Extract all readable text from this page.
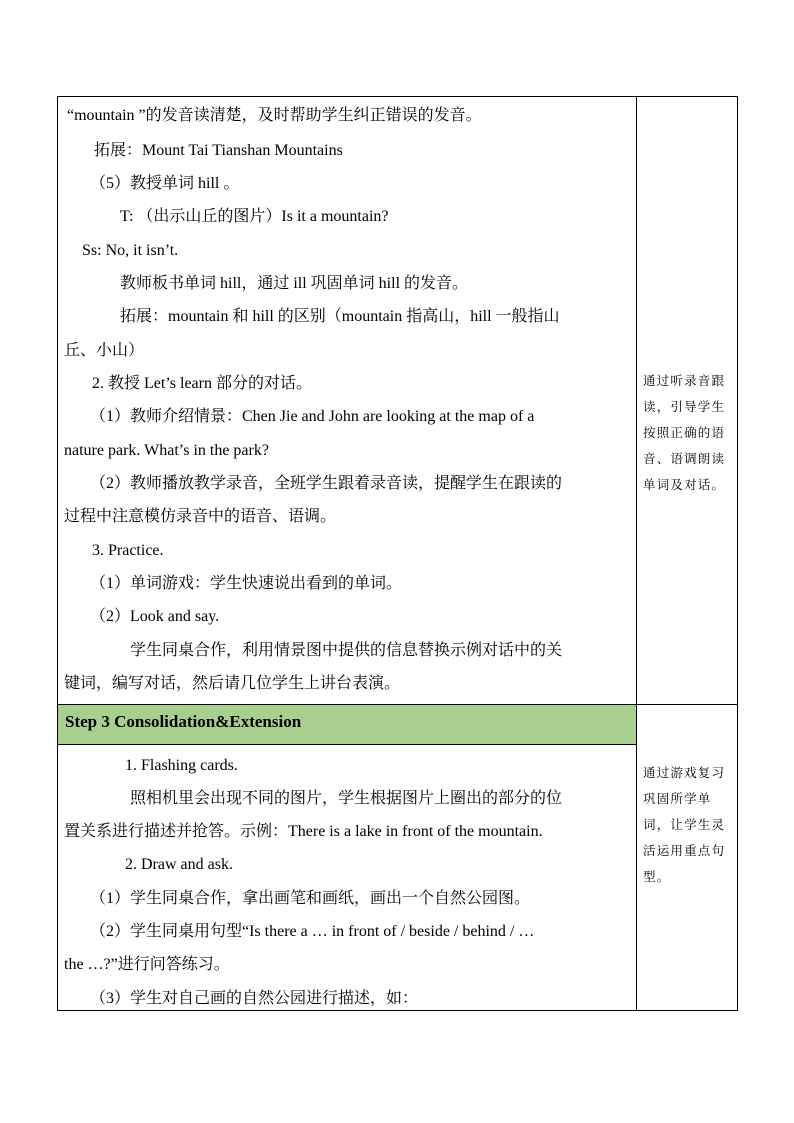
Step 3 Consolidation&Extension
“mountain ”的发音读清楚，及时帮助学生纠正错误的发音。
拓展：Mount Tai Tianshan Mountains
（5）教授单词 hill 。
T: （出示山丘的图片）Is it a mountain?
Ss: No, it isn’t.
教师板书单词 hill，通过 ill 巩固单词 hill 的发音。
拓展：mountain 和 hill 的区别（mountain 指高山，hill 一般指山
丘、小山）
2. 教授 Let’s learn 部分的对话。
（1）教师介绍情景：Chen Jie and John are looking at the map of a
nature park. What’s in the park?
（2）教师播放教学录音，全班学生跟着录音读，提醒学生在跟读的
过程中注意模仿录音中的语音、语调。
3. Practice.
（1）单词游戏：学生快速说出看到的单词。
（2）Look and say.
学生同桌合作，利用情景图中提供的信息替换示例对话中的关
键词，编写对话，然后请几位学生上讲台表演。
通过听录音跟读，引导学生按照正确的语音、语调朗读单词及对话。
1. Flashing cards.
照相机里会出现不同的图片，学生根据图片上圈出的部分的位
置关系进行描述并抢答。示例：There is a lake in front of the mountain.
2. Draw and ask.
（1）学生同桌合作，拿出画笔和画纸，画出一个自然公园图。
（2）学生同桌用句型“Is there a … in front of / beside / behind / …
the …?”进行问答练习。
（3）学生对自己画的自然公园进行描述，如：
通过游戏复习巩固所学单词，让学生灵活运用重点句型。
